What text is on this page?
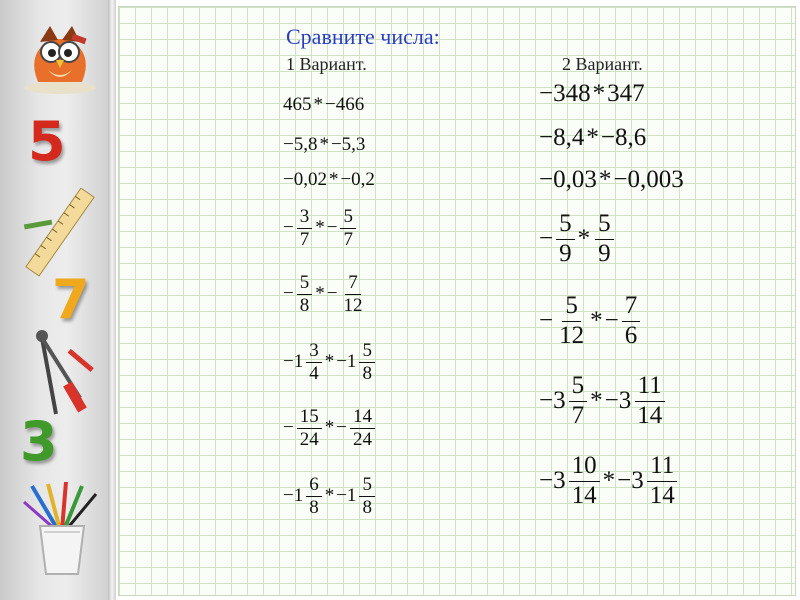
5
7
3
Сравните числа:
1 Вариант.	2 Вариант.
465 * −466
−5,8 * −5,3
−0,02 * −0,2
− $\frac{3}{7}$ * − $\frac{5}{7}$
− $\frac{5}{8}$ * − $\frac{7}{12}$
$-1 \frac{3}{4} * -1 \frac{5}{8}$
− $\frac{15}{24}$ * − $\frac{14}{24}$
$-1 \frac{6}{8} * -1 \frac{5}{8}$
−348 * 347
−8,4 * −8,6
−0,03 * −0,003
− $\frac{5}{9} * \frac{5}{9}$
− $\frac{5}{12}$ * − $\frac{7}{6}$
$-3 \frac{5}{7} * -3 \frac{11}{14}$
$-3 \frac{10}{14} * -3 \frac{11}{14}$
